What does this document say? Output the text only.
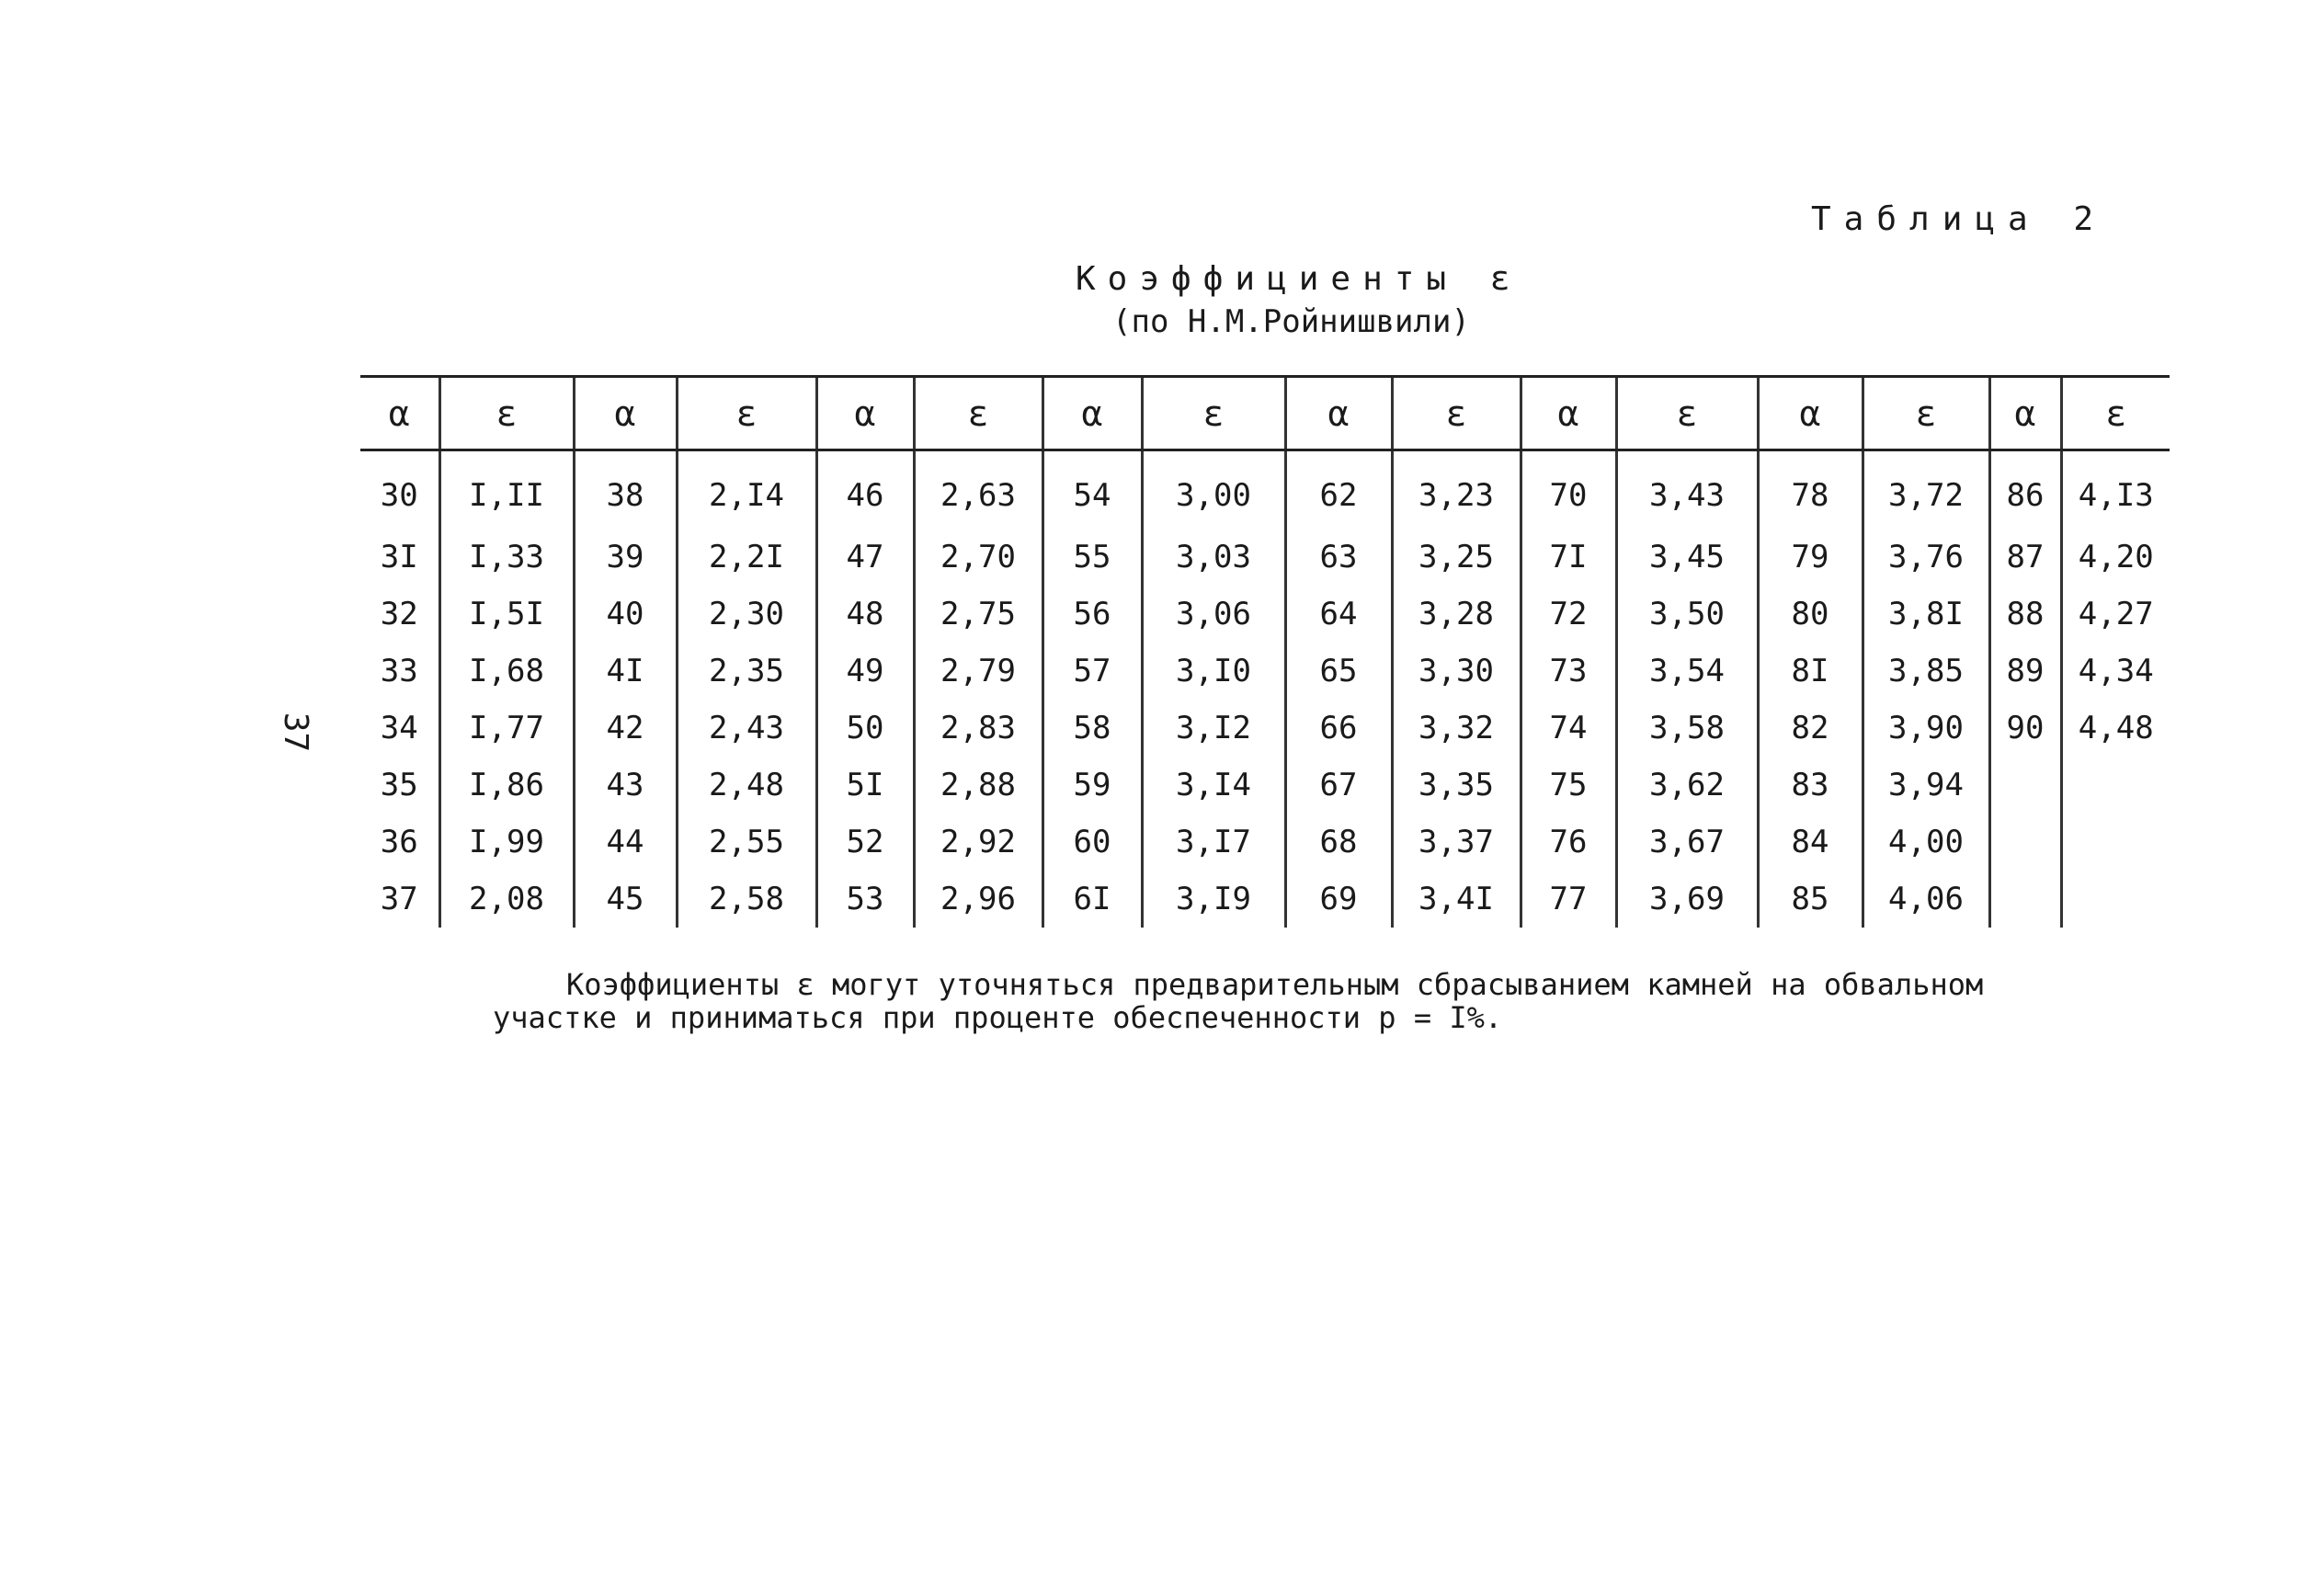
Таблица 2
Коэффициенты ε
(по Н.М.Ройнишвили)
37
α	ε	α	ε	α	ε	α	ε	α	ε	α	ε	α	ε	α	ε
30	I,II	38	2,I4	46	2,63	54	3,00	62	3,23	70	3,43	78	3,72	86	4,I3
3I	I,33	39	2,2I	47	2,70	55	3,03	63	3,25	7I	3,45	79	3,76	87	4,20
32	I,5I	40	2,30	48	2,75	56	3,06	64	3,28	72	3,50	80	3,8I	88	4,27
33	I,68	4I	2,35	49	2,79	57	3,I0	65	3,30	73	3,54	8I	3,85	89	4,34
34	I,77	42	2,43	50	2,83	58	3,I2	66	3,32	74	3,58	82	3,90	90	4,48
35	I,86	43	2,48	5I	2,88	59	3,I4	67	3,35	75	3,62	83	3,94		
36	I,99	44	2,55	52	2,92	60	3,I7	68	3,37	76	3,67	84	4,00		
37	2,08	45	2,58	53	2,96	6I	3,I9	69	3,4I	77	3,69	85	4,06		

Коэффициенты ε могут уточняться предварительным сбрасыванием камней на обвальном

участке и приниматься при проценте обеспеченности р = I%.
